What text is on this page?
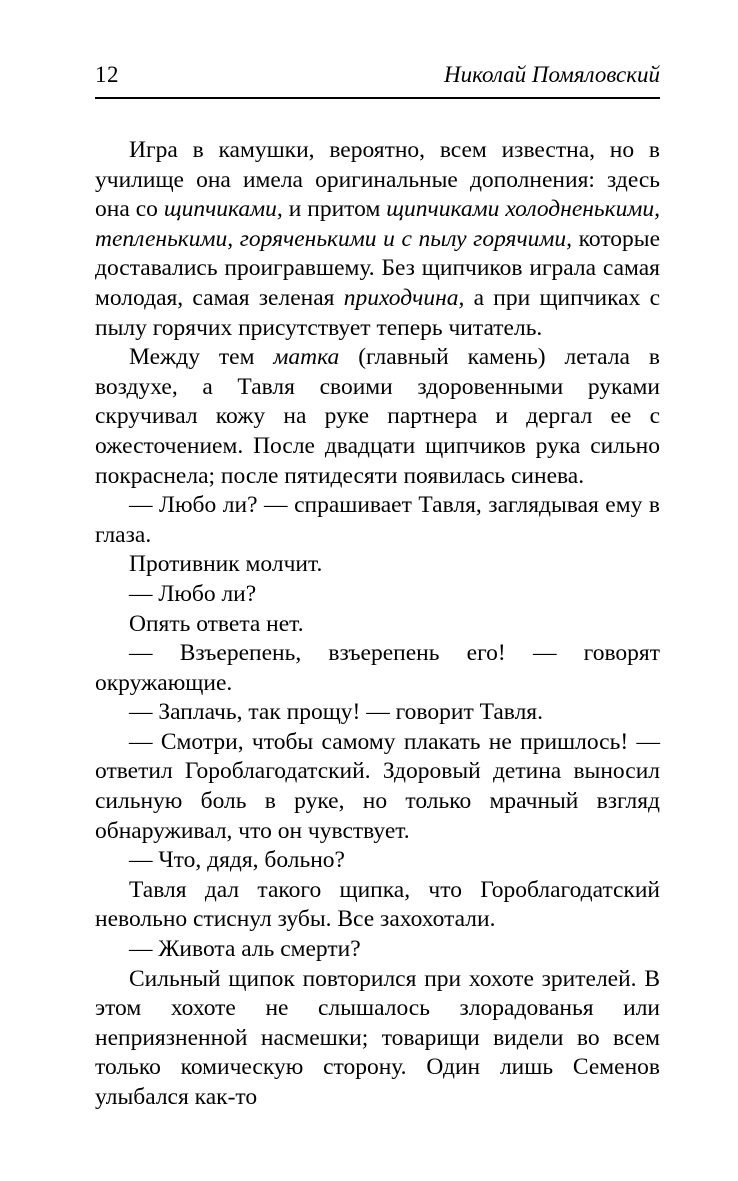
12	Николай Помяловский

Игра в камушки, вероятно, всем известна, но в училище она имела оригинальные дополнения: здесь она со щипчиками, и притом щипчиками холодненькими, тепленькими, горяченькими и с пылу горячими, которые доставались проигравшему. Без щипчиков играла самая молодая, самая зеленая приходчина, а при щипчиках с пылу горячих присутствует теперь читатель.

Между тем матка (главный камень) летала в воздухе, а Тавля своими здоровенными руками скручивал кожу на руке партнера и дергал ее с ожесточением. После двадцати щипчиков рука сильно покраснела; после пятидесяти появилась синева.

— Любо ли? — спрашивает Тавля, заглядывая ему в глаза.

Противник молчит.

— Любо ли?

Опять ответа нет.

— Взъерепень, взъерепень его! — говорят окружающие.

— Заплачь, так прощу! — говорит Тавля.

— Смотри, чтобы самому плакать не пришлось! — ответил Гороблагодатский. Здоровый детина выносил сильную боль в руке, но только мрачный взгляд обнаруживал, что он чувствует.

— Что, дядя, больно?

Тавля дал такого щипка, что Гороблагодатский невольно стиснул зубы. Все захохотали.

— Живота аль смерти?

Сильный щипок повторился при хохоте зрителей. В этом хохоте не слышалось злорадованья или неприязненной насмешки; товарищи видели во всем только комическую сторону. Один лишь Семенов улыбался как-то
